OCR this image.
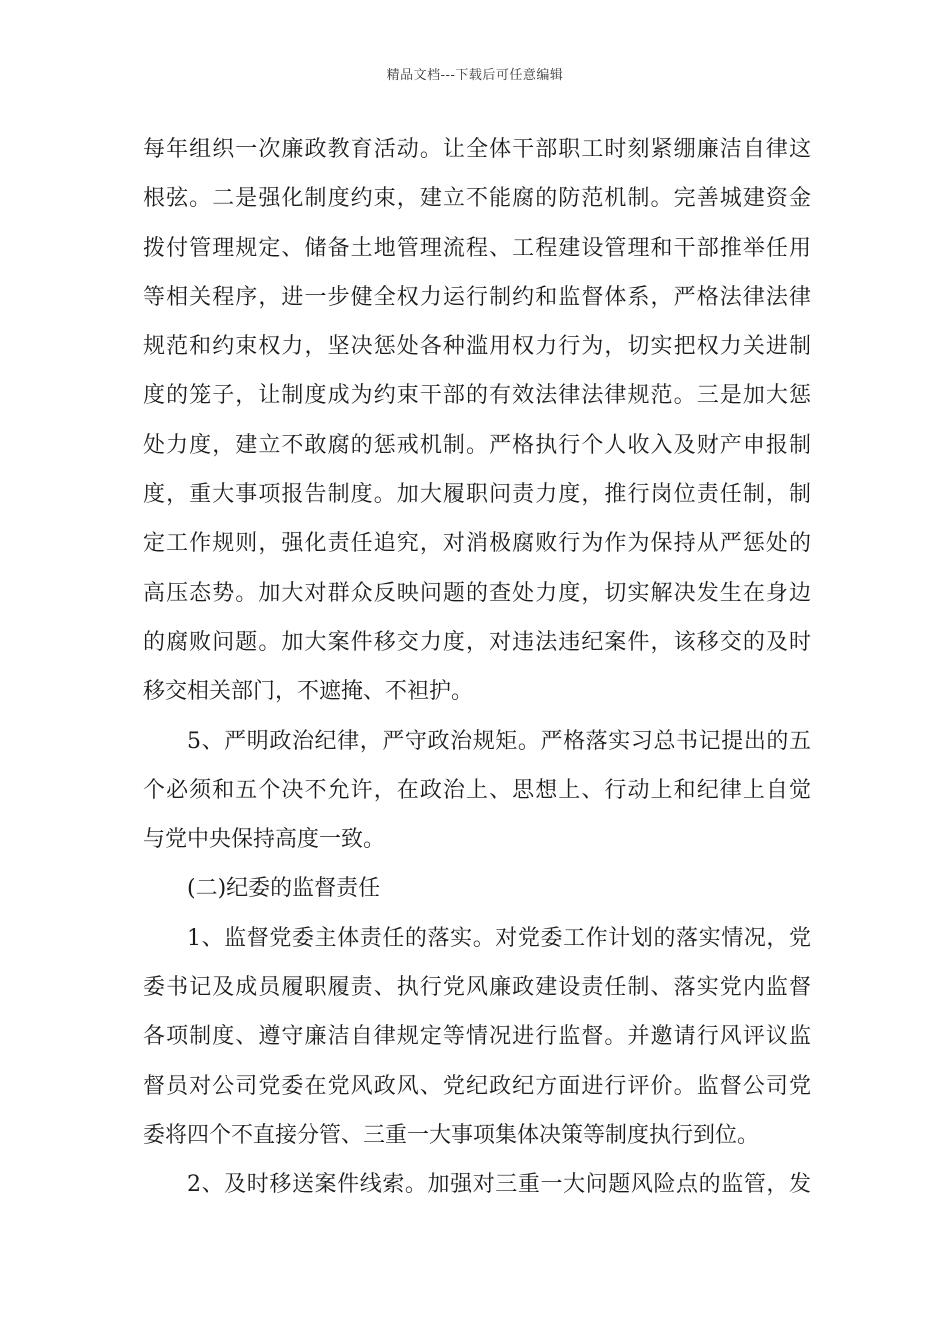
精品文档---下载后可任意编辑
每年组织一次廉政教育活动。让全体干部职工时刻紧绷廉洁自律这
根弦。二是强化制度约束，建立不能腐的防范机制。完善城建资金
拨付管理规定、储备土地管理流程、工程建设管理和干部推举任用
等相关程序，进一步健全权力运行制约和监督体系，严格法律法律
规范和约束权力，坚决惩处各种滥用权力行为，切实把权力关进制
度的笼子，让制度成为约束干部的有效法律法律规范。三是加大惩
处力度，建立不敢腐的惩戒机制。严格执行个人收入及财产申报制
度，重大事项报告制度。加大履职问责力度，推行岗位责任制，制
定工作规则，强化责任追究，对消极腐败行为作为保持从严惩处的
高压态势。加大对群众反映问题的查处力度，切实解决发生在身边
的腐败问题。加大案件移交力度，对违法违纪案件，该移交的及时
移交相关部门，不遮掩、不袒护。
5、严明政治纪律，严守政治规矩。严格落实习总书记提出的五
个必须和五个决不允许，在政治上、思想上、行动上和纪律上自觉
与党中央保持高度一致。
(二)纪委的监督责任
1、监督党委主体责任的落实。对党委工作计划的落实情况，党
委书记及成员履职履责、执行党风廉政建设责任制、落实党内监督
各项制度、遵守廉洁自律规定等情况进行监督。并邀请行风评议监
督员对公司党委在党风政风、党纪政纪方面进行评价。监督公司党
委将四个不直接分管、三重一大事项集体决策等制度执行到位。
2、及时移送案件线索。加强对三重一大问题风险点的监管，发
